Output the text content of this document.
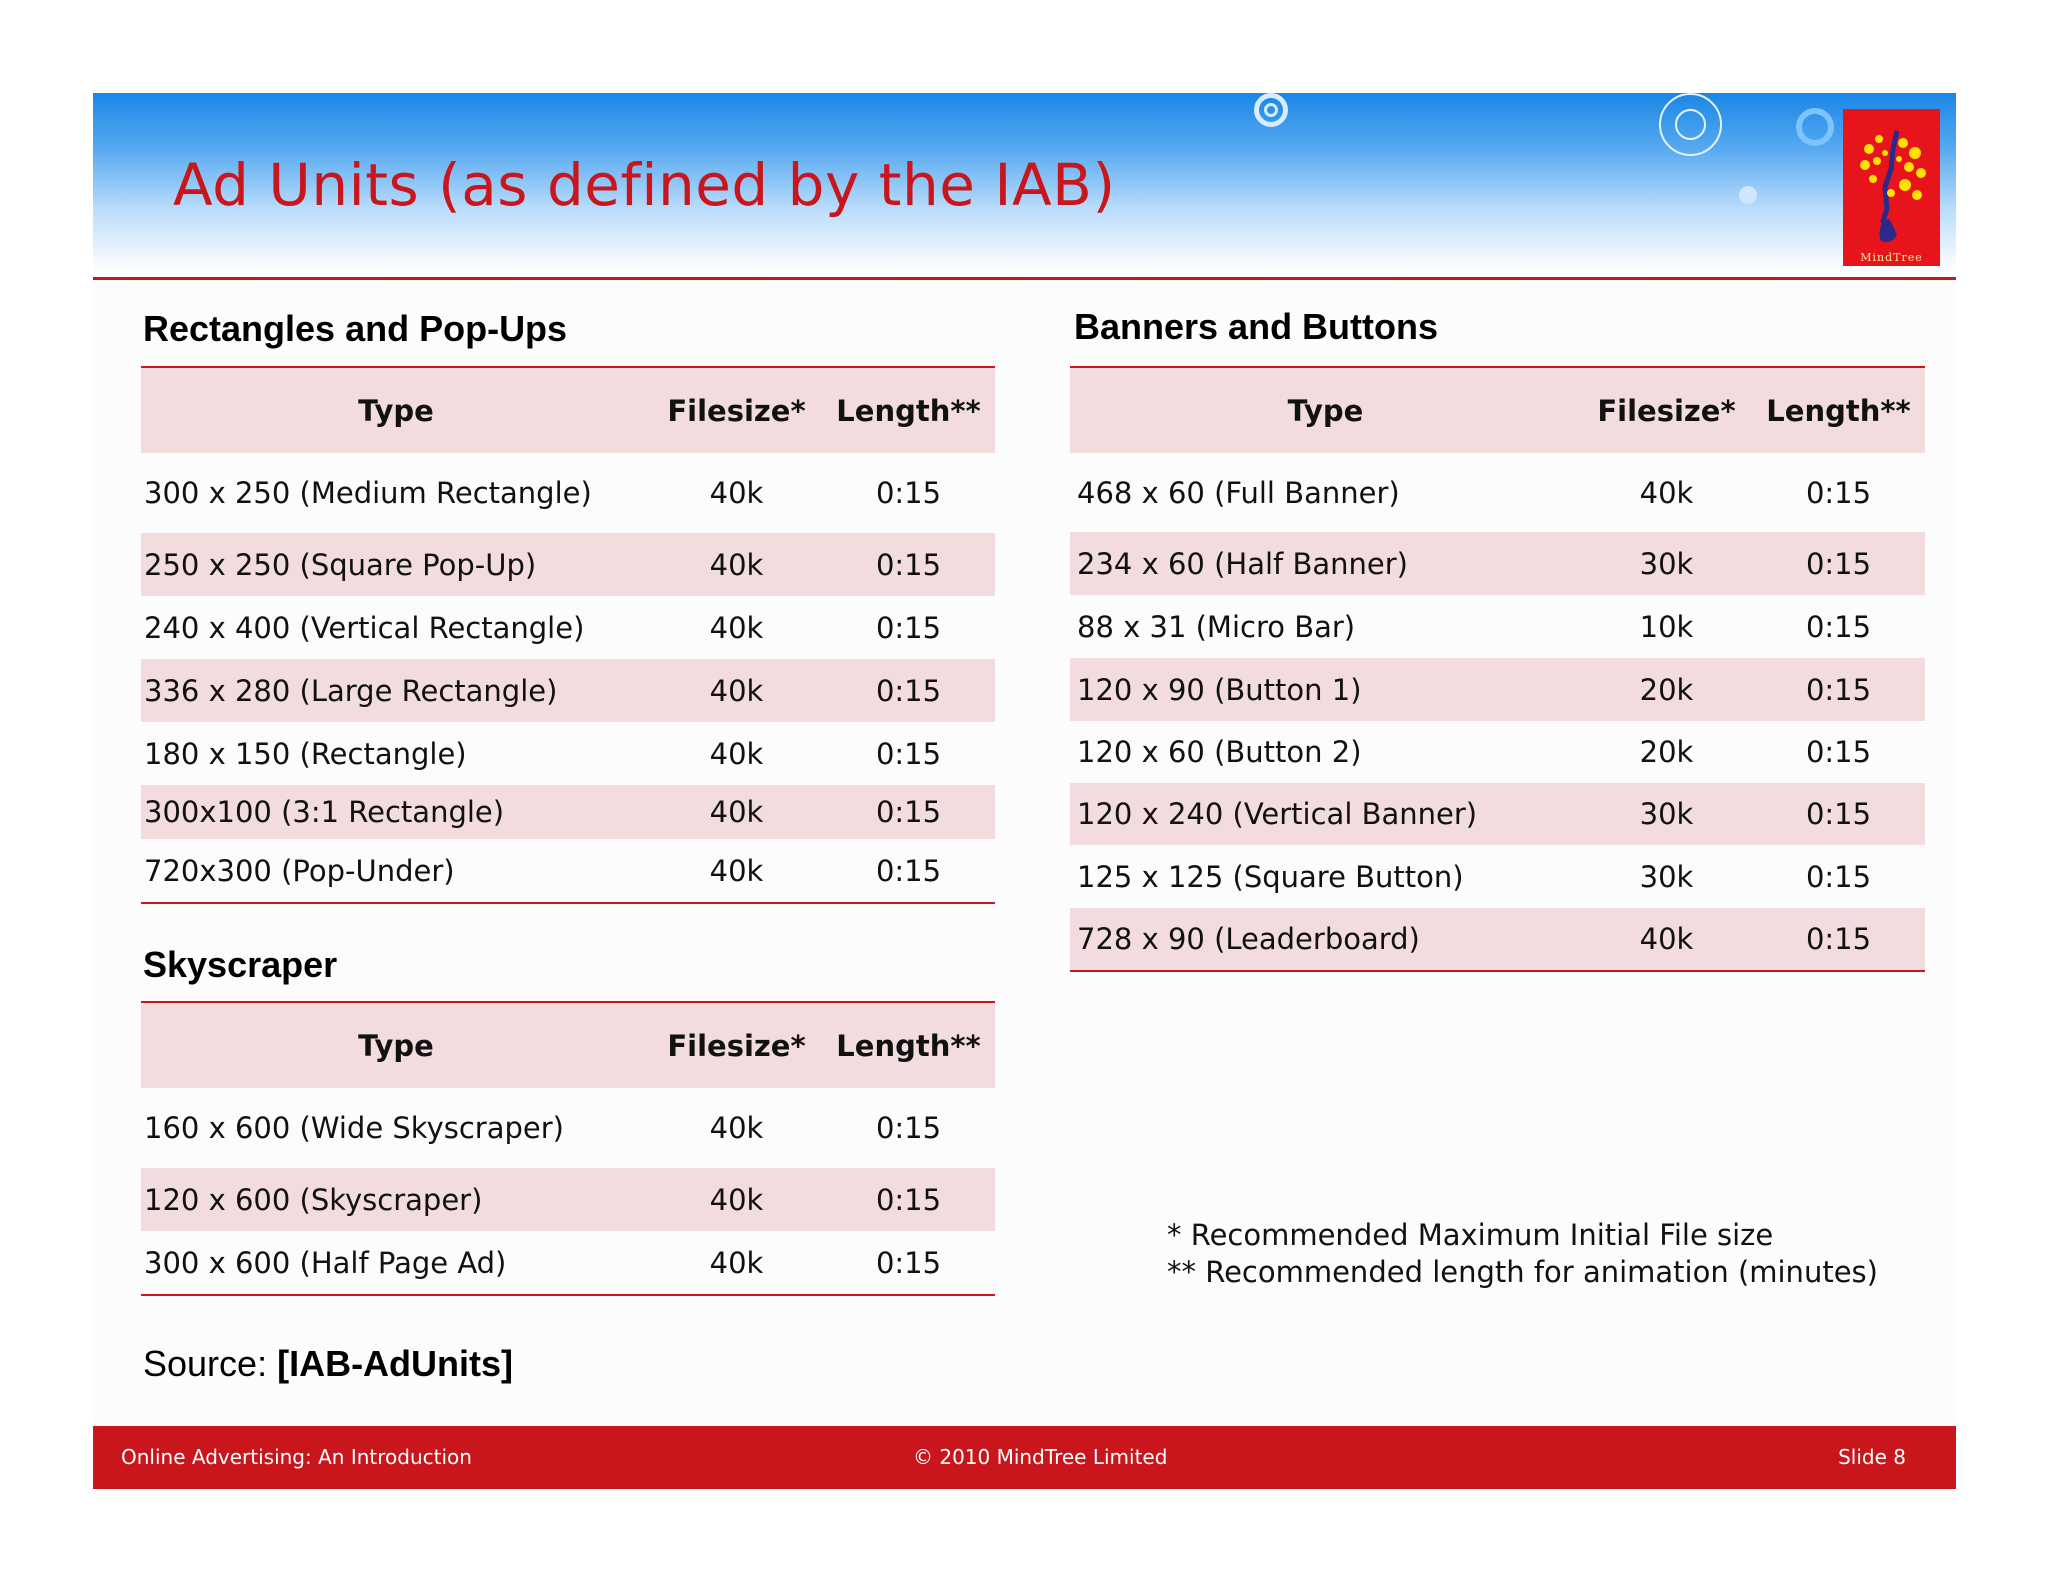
Ad Units (as defined by the IAB)
MindTree
Rectangles and Pop-Ups
Type	Filesize*	Length**
300 x 250 (Medium Rectangle)	40k	0:15
250 x 250 (Square Pop-Up)	40k	0:15
240 x 400 (Vertical Rectangle)	40k	0:15
336 x 280 (Large Rectangle)	40k	0:15
180 x 150 (Rectangle)	40k	0:15
300x100 (3:1 Rectangle)	40k	0:15
720x300 (Pop-Under)	40k	0:15
Skyscraper
Type	Filesize*	Length**
160 x 600 (Wide Skyscraper)	40k	0:15
120 x 600 (Skyscraper)	40k	0:15
300 x 600 (Half Page Ad)	40k	0:15
Banners and Buttons
Type	Filesize*	Length**
468 x 60 (Full Banner)	40k	0:15
234 x 60 (Half Banner)	30k	0:15
88 x 31 (Micro Bar)	10k	0:15
120 x 90 (Button 1)	20k	0:15
120 x 60 (Button 2)	20k	0:15
120 x 240 (Vertical Banner)	30k	0:15
125 x 125 (Square Button)	30k	0:15
728 x 90 (Leaderboard)	40k	0:15
* Recommended Maximum Initial File size
** Recommended length for animation (minutes)
Source: [IAB-AdUnits]
Online Advertising: An Introduction	© 2010 MindTree Limited	Slide 8
